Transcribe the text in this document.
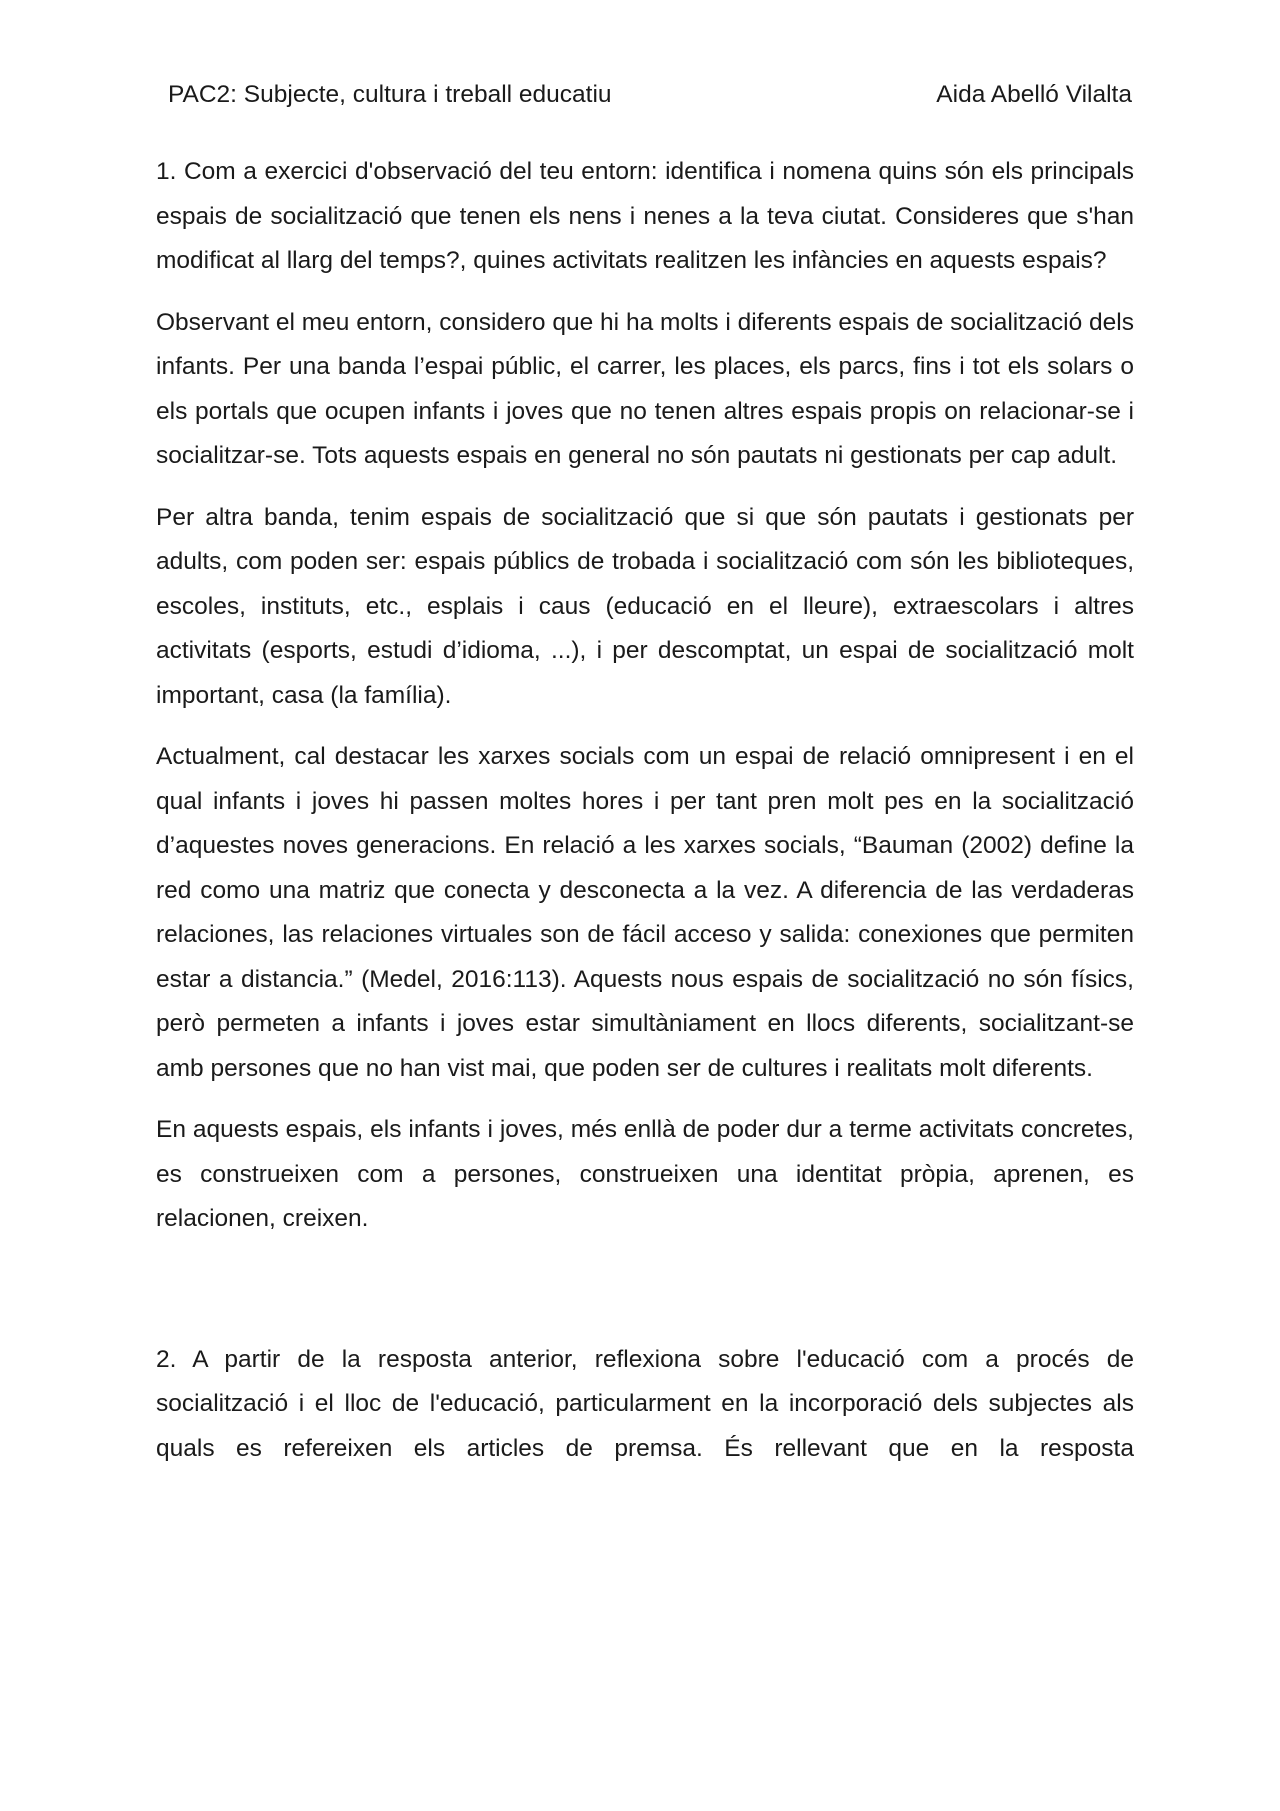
PAC2: Subjecte, cultura i treball educatiu	Aida Abelló Vilalta

1. Com a exercici d'observació del teu entorn: identifica i nomena quins són els principals espais de socialització que tenen els nens i nenes a la teva ciutat. Consideres que s'han modificat al llarg del temps?, quines activitats realitzen les infàncies en aquests espais?

Observant el meu entorn, considero que hi ha molts i diferents espais de socialització dels infants. Per una banda l’espai públic, el carrer, les places, els parcs, fins i tot els solars o els portals que ocupen infants i joves que no tenen altres espais propis on relacionar-se i socialitzar-se. Tots aquests espais en general no són pautats ni gestionats per cap adult.

Per altra banda, tenim espais de socialització que si que són pautats i gestionats per adults, com poden ser: espais públics de trobada i socialització com són les biblioteques, escoles, instituts, etc., esplais i caus (educació en el lleure), extraescolars i altres activitats (esports, estudi d’idioma, ...), i per descomptat, un espai de socialització molt important, casa (la família).

Actualment, cal destacar les xarxes socials com un espai de relació omnipresent i en el qual infants i joves hi passen moltes hores i per tant pren molt pes en la socialització d’aquestes noves generacions. En relació a les xarxes socials, “Bauman (2002) define la red como una matriz que conecta y desconecta a la vez. A diferencia de las verdaderas relaciones, las relaciones virtuales son de fácil acceso y salida: conexiones que permiten estar a distancia.” (Medel, 2016:113). Aquests nous espais de socialització no són físics, però permeten a infants i joves estar simultàniament en llocs diferents, socialitzant-se amb persones que no han vist mai, que poden ser de cultures i realitats molt diferents.

En aquests espais, els infants i joves, més enllà de poder dur a terme activitats concretes, es construeixen com a persones, construeixen una identitat pròpia, aprenen, es relacionen, creixen.

2. A partir de la resposta anterior, reflexiona sobre l'educació com a procés de socialització i el lloc de l'educació, particularment en la incorporació dels subjectes als quals es refereixen els articles de premsa. És rellevant que en la resposta
